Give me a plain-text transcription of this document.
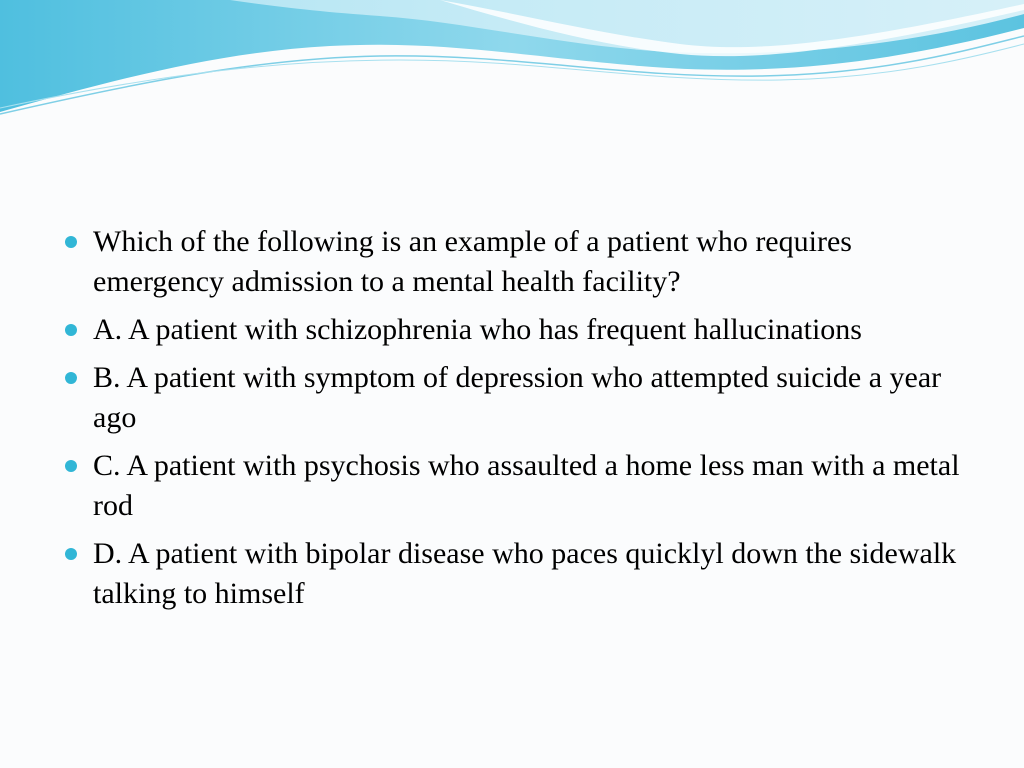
Which of the following is an example of a patient who requires emergency admission to a mental health facility?
A. A patient with schizophrenia who has frequent hallucinations
B. A patient with symptom of depression who attempted suicide a year ago
C. A patient with psychosis who assaulted a home less man with a metal rod
D. A patient with bipolar disease who paces quicklyl down the sidewalk talking to himself
